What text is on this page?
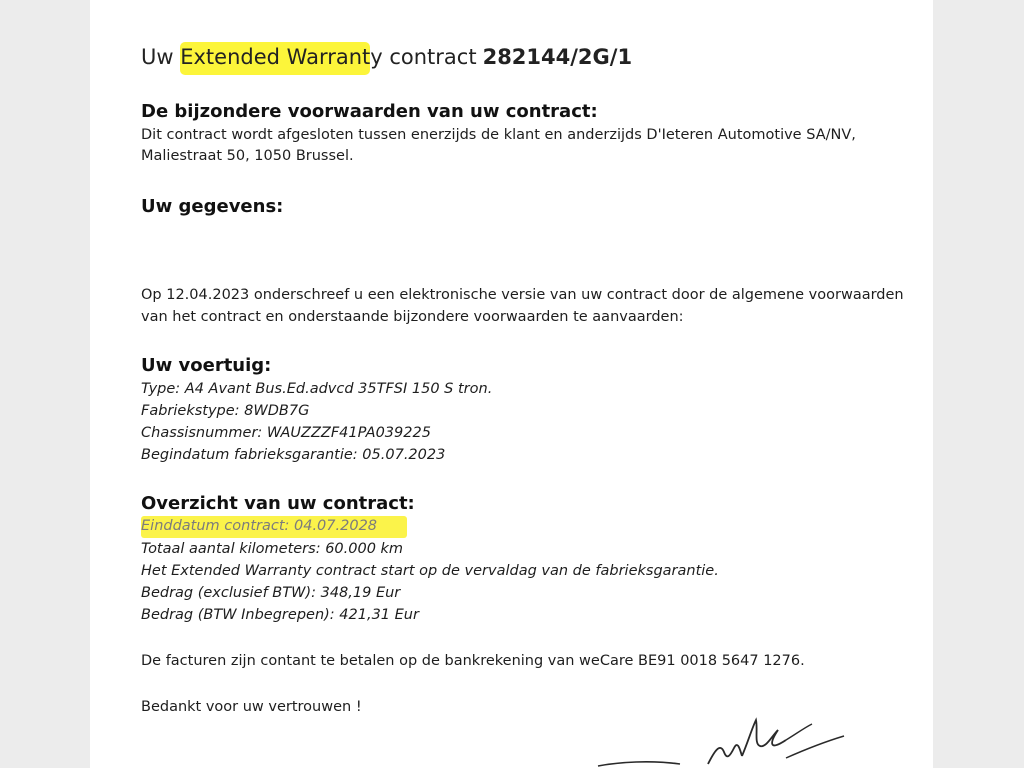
Uw Extended Warranty contract 282144/2G/1
De bijzondere voorwaarden van uw contract:
Dit contract wordt afgesloten tussen enerzijds de klant en anderzijds D'Ieteren Automotive SA/NV,
Maliestraat 50, 1050 Brussel.
Uw gegevens:
Op 12.04.2023 onderschreef u een elektronische versie van uw contract door de algemene voorwaarden
van het contract en onderstaande bijzondere voorwaarden te aanvaarden:
Uw voertuig:
Type: A4 Avant Bus.Ed.advcd 35TFSI 150 S tron.
Fabriekstype: 8WDB7G
Chassisnummer: WAUZZZF41PA039225
Begindatum fabrieksgarantie: 05.07.2023
Overzicht van uw contract:
Einddatum contract: 04.07.2028
Totaal aantal kilometers: 60.000 km
Het Extended Warranty contract start op de vervaldag van de fabrieksgarantie.
Bedrag (exclusief BTW): 348,19 Eur
Bedrag (BTW Inbegrepen): 421,31 Eur
De facturen zijn contant te betalen op de bankrekening van weCare BE91 0018 5647 1276.
Bedankt voor uw vertrouwen !
